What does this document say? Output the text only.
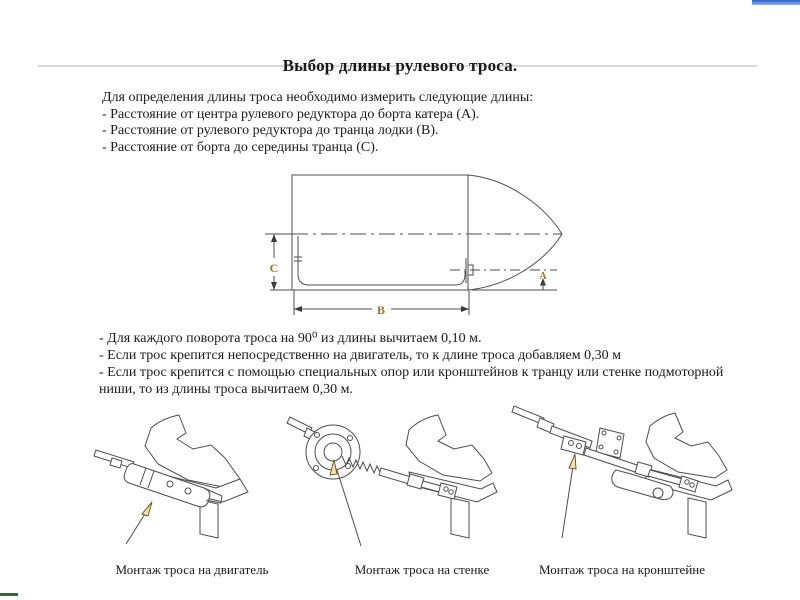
Выбор длины рулевого троса.
Для определения длины троса необходимо измерить следующие длины:
- Расстояние от центра рулевого редуктора до борта катера (А).
- Расстояние от рулевого редуктора до транца лодки (В).
- Расстояние от борта до середины транца (С).
C
A
B
- Для каждого поворота троса на 90⁰ из длины вычитаем 0,10 м.
- Если трос крепится непосредственно на двигатель, то к длине троса добавляем 0,30 м
- Если трос крепится с помощью специальных опор или кронштейнов к транцу или стенке подмоторной ниши, то из длины троса вычитаем 0,30 м.
Монтаж троса на двигатель	Монтаж троса на стенке	Монтаж троса на кронштейне
